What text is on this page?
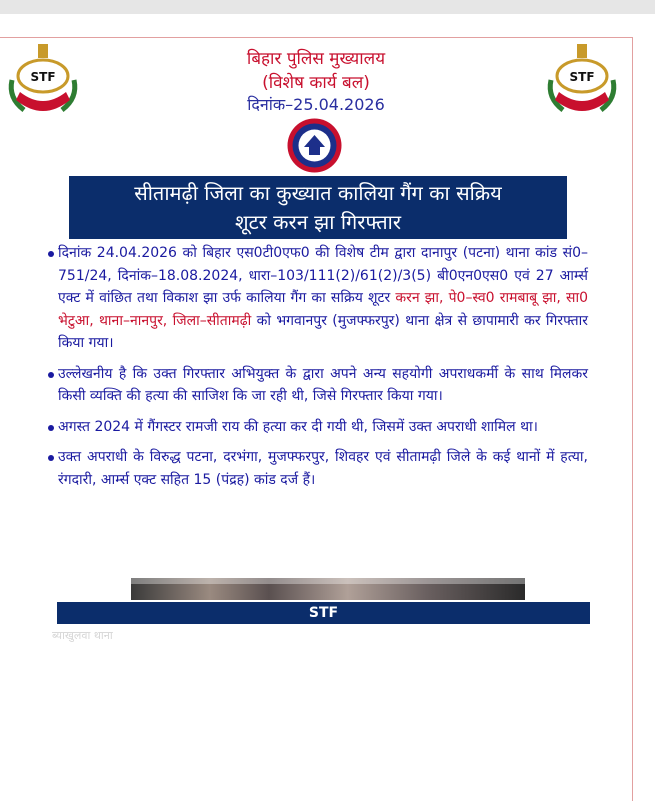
STF	STF
बिहार पुलिस मुख्यालय
(विशेष कार्य बल)
दिनांक–25.04.2026
सीतामढ़ी जिला का कुख्यात कालिया गैंग का सक्रिय
शूटर करन झा गिरफ्तार
दिनांक 24.04.2026 को बिहार एस0टी0एफ0 की विशेष टीम द्वारा दानापुर (पटना) थाना कांड सं0–751/24, दिनांक–18.08.2024, धारा–103/111(2)/61(2)/3(5) बी0एन0एस0 एवं 27 आर्म्स एक्ट में वांछित तथा विकाश झा उर्फ कालिया गैंग का सक्रिय शूटर करन झा, पे0–स्व0 रामबाबू झा, सा0 भेटुआ, थाना–नानपुर, जिला–सीतामढ़ी को भगवानपुर (मुजफ्फरपुर) थाना क्षेत्र से छापामारी कर गिरफ्तार किया गया।
उल्लेखनीय है कि उक्त गिरफ्तार अभियुक्त के द्वारा अपने अन्य सहयोगी अपराधकर्मी के साथ मिलकर किसी व्यक्ति की हत्या की साजिश कि जा रही थी, जिसे गिरफ्तार किया गया।
अगस्त 2024 में गैंगस्टर रामजी राय की हत्या कर दी गयी थी, जिसमें उक्त अपराधी शामिल था।
उक्त अपराधी के विरुद्ध पटना, दरभंगा, मुजफ्फरपुर, शिवहर एवं सीतामढ़ी जिले के कई थानों में हत्या, रंगदारी, आर्म्स एक्ट सहित 15 (पंद्रह) कांड दर्ज हैं।
STF
ब्याखुलवा थाना
